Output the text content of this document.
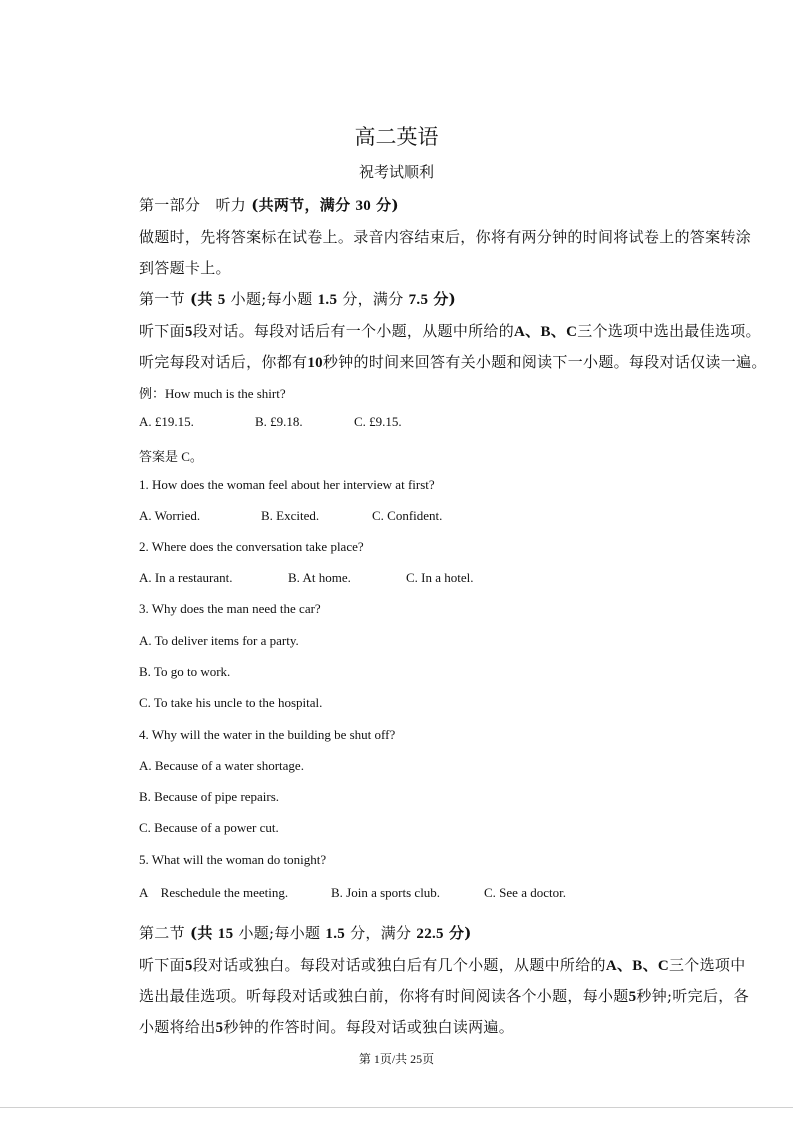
高二英语
祝考试顺利
第一部分　听力 (共两节，满分 30 分)
做题时，先将答案标在试卷上。录音内容结束后，你将有两分钟的时间将试卷上的答案转涂
到答题卡上。
第一节 (共 5 小题;每小题 1.5 分，满分 7.5 分)
听下面5段对话。每段对话后有一个小题，从题中所给的A、B、C三个选项中选出最佳选项。
听完每段对话后，你都有10秒钟的时间来回答有关小题和阅读下一小题。每段对话仅读一遍。
例：How much is the shirt?
A. £19.15.	B. £9.18.	C. £9.15.
答案是 C。
1. How does the woman feel about her interview at first?
A. Worried.	B. Excited.	C. Confident.
2. Where does the conversation take place?
A. In a restaurant.	B. At home.	C. In a hotel.
3. Why does the man need the car?
A. To deliver items for a party.
B. To go to work.
C. To take his uncle to the hospital.
4. Why will the water in the building be shut off?
A. Because of a water shortage.
B. Because of pipe repairs.
C. Because of a power cut.
5. What will the woman do tonight?
A　Reschedule the meeting.	B. Join a sports club.	C. See a doctor.
第二节 (共 15 小题;每小题 1.5 分，满分 22.5 分)
听下面5段对话或独白。每段对话或独白后有几个小题，从题中所给的A、B、C三个选项中
选出最佳选项。听每段对话或独白前，你将有时间阅读各个小题，每小题5秒钟;听完后，各
小题将给出5秒钟的作答时间。每段对话或独白读两遍。
第 1页/共 25页
